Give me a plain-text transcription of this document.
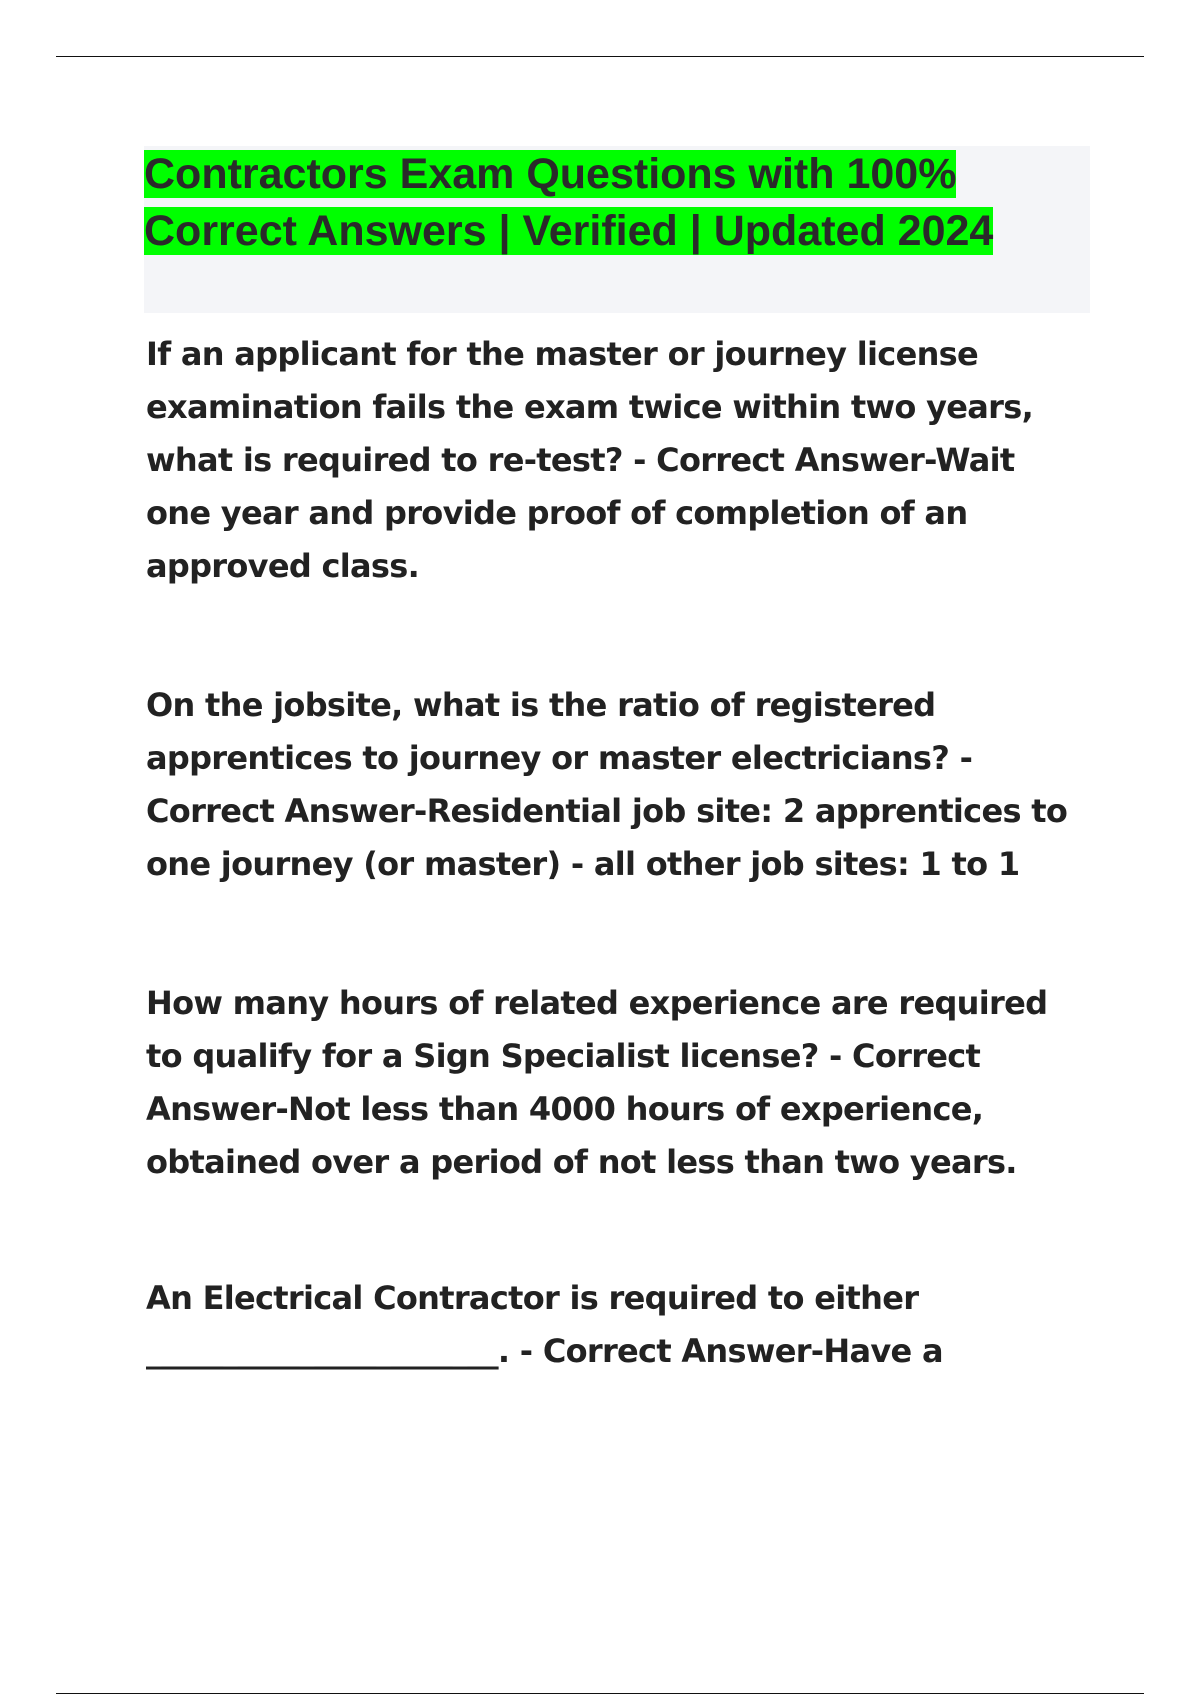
Contractors Exam Questions with 100% Correct Answers | Verified | Updated 2024

If an applicant for the master or journey license examination fails the exam twice within two years, what is required to re-test? - Correct Answer-Wait one year and provide proof of completion of an approved class.

On the jobsite, what is the ratio of registered apprentices to journey or master electricians? - Correct Answer-Residential job site: 2 apprentices to one journey (or master) - all other job sites: 1 to 1

How many hours of related experience are required to qualify for a Sign Specialist license? - Correct Answer-Not less than 4000 hours of experience, obtained over a period of not less than two years.

An Electrical Contractor is required to either _______________________. - Correct Answer-Have a
